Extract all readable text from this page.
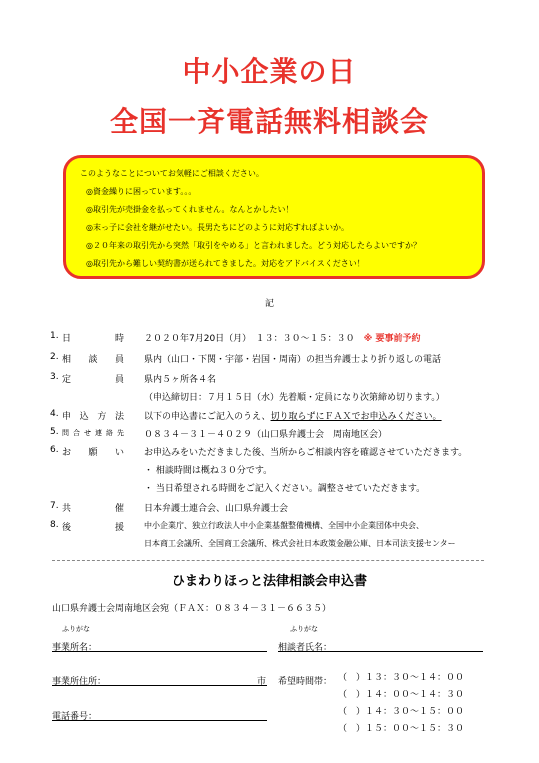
中小企業の日
全国一斉電話無料相談会
このようなことについてお気軽にご相談ください。
◎資金繰りに困っています。。。
◎取引先が売掛金を払ってくれません。なんとかしたい！
◎末っ子に会社を継がせたい。長男たちにどのように対応すればよいか。
◎２０年来の取引先から突然「取引をやめる」と言われました。どう対応したらよいですか？
◎取引先から難しい契約書が送られてきました。対応をアドバイスください！
記
1. 日　時 ２０２０年7月20日（月）　１３：３０～１５：３０ ※ 要事前予約
2. 相談員 県内（山口・下関・宇部・岩国・周南）の担当弁護士より折り返しの電話
3. 定　員 県内５ヶ所各４名
（申込締切日：７月１５日（水）先着順・定員になり次第締め切ります。）
4. 申込方法 以下の申込書にご記入のうえ、切り取らずにＦＡＸでお申込みください。
5. 問合せ連絡先 ０８３４－３１－４０２９（山口県弁護士会　周南地区会）
6. お願い お申込みをいただきました後、当所からご相談内容を確認させていただきます。
・ 相談時間は概ね３０分です。
・ 当日希望される時間をご記入ください。調整させていただきます。
7. 共　催 日本弁護士連合会、山口県弁護士会
8. 後　援	中小企業庁、独立行政法人中小企業基盤整備機構、全国中小企業団体中央会、
日本商工会議所、全国商工会議所、株式会社日本政策金融公庫、日本司法支援センター
ひまわりほっと法律相談会申込書
山口県弁護士会周南地区会宛（ＦＡＸ：０８３４－３１－６６３５）
ふりがな	ふりがな
事業所名：	相談者氏名：
事業所住所：	市 希望時間帯： （　）１３：３０～１４：００
（　）１４：００～１４：３０
（　）１４：３０～１５：００
（　）１５：００～１５：３０
電話番号：
